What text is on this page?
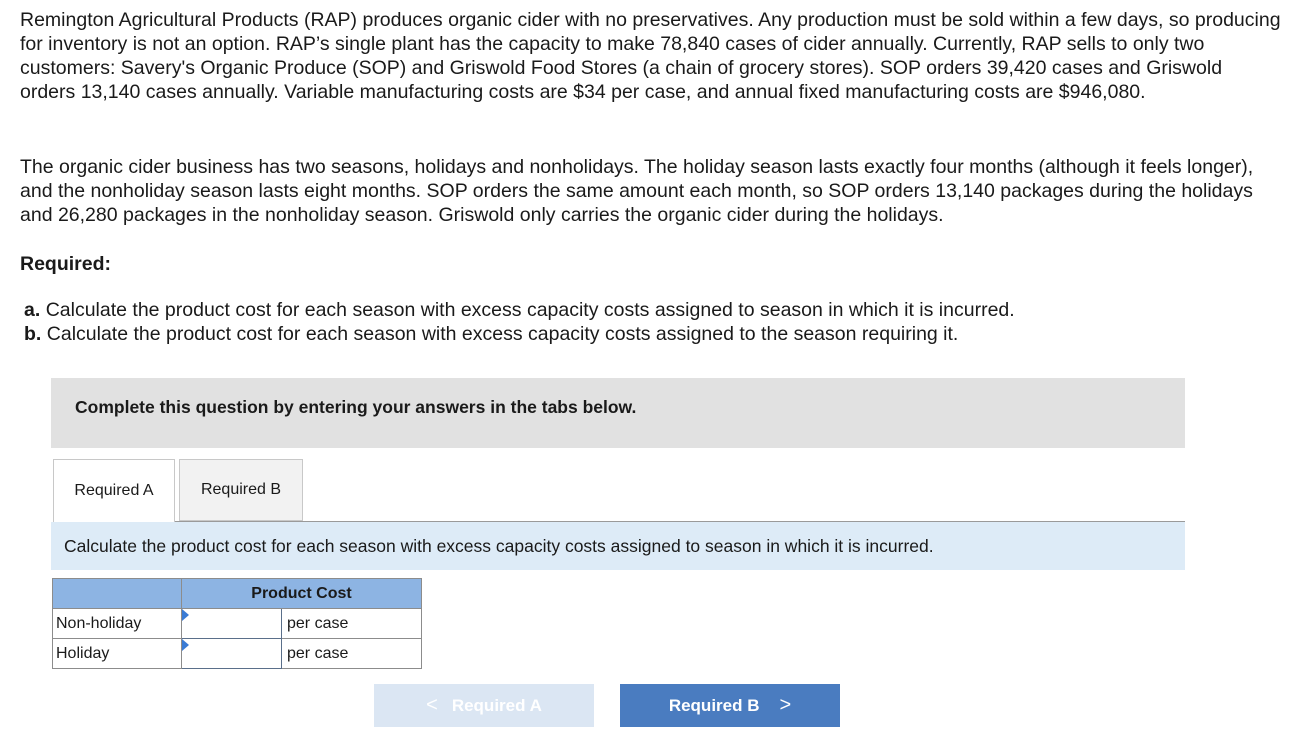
Remington Agricultural Products (RAP) produces organic cider with no preservatives. Any production must be sold within a few days, so producing for inventory is not an option. RAP’s single plant has the capacity to make 78,840 cases of cider annually. Currently, RAP sells to only two customers: Savery's Organic Produce (SOP) and Griswold Food Stores (a chain of grocery stores). SOP orders 39,420 cases and Griswold orders 13,140 cases annually. Variable manufacturing costs are $34 per case, and annual fixed manufacturing costs are $946,080.

The organic cider business has two seasons, holidays and nonholidays. The holiday season lasts exactly four months (although it feels longer), and the nonholiday season lasts eight months. SOP orders the same amount each month, so SOP orders 13,140 packages during the holidays and 26,280 packages in the nonholiday season. Griswold only carries the organic cider during the holidays.

Required:

a. Calculate the product cost for each season with excess capacity costs assigned to season in which it is incurred.

b. Calculate the product cost for each season with excess capacity costs assigned to the season requiring it.

Complete this question by entering your answers in the tabs below.

Required A	Required B

Calculate the product cost for each season with excess capacity costs assigned to season in which it is incurred.

	Product Cost	
Non-holiday		per case
Holiday		per case
< Required A	Required B >
